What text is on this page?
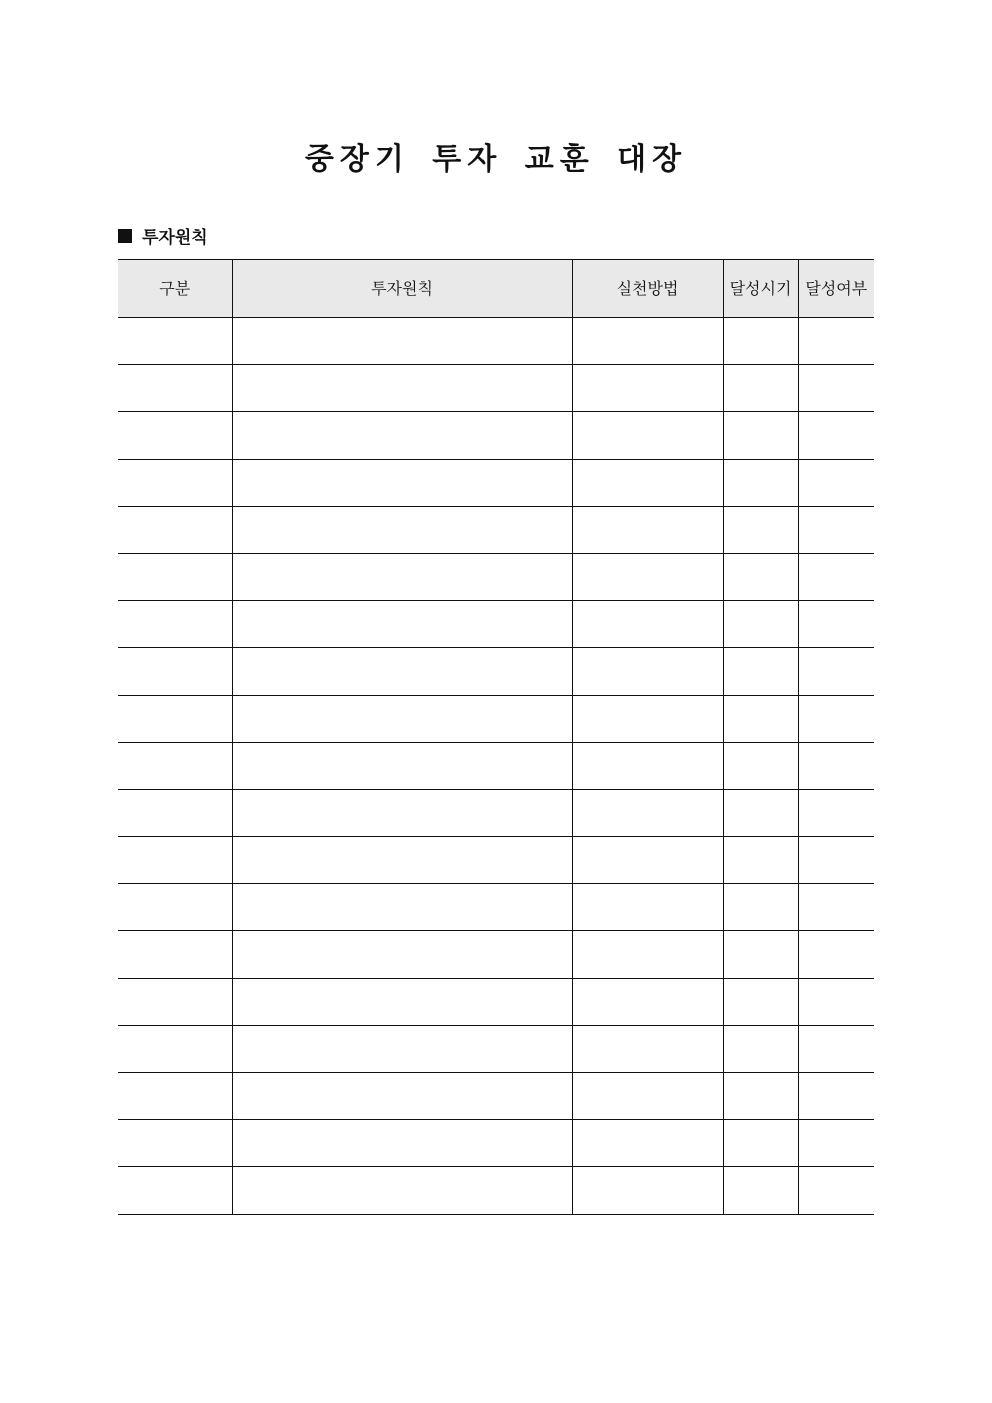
중장기 투자 교훈 대장
투자원칙
구분	투자원칙	실천방법	달성시기	달성여부
